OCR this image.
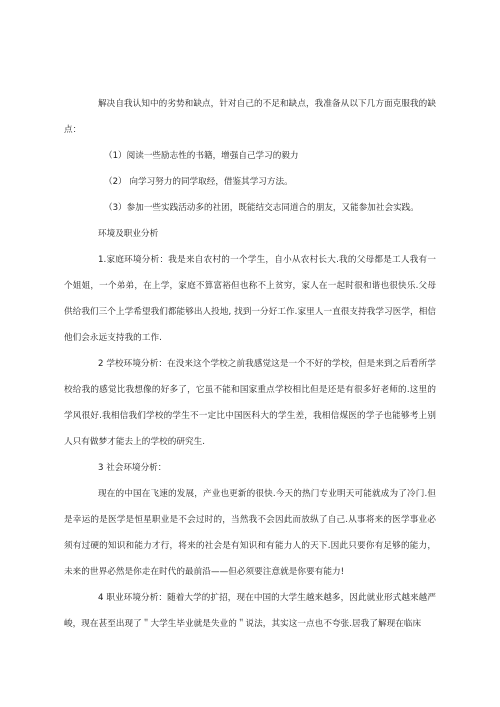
解决自我认知中的劣势和缺点，针对自己的不足和缺点，我准备从以下几方面克服我的缺点：

（1）阅读一些励志性的书籍，增强自己学习的毅力

（2） 向学习努力的同学取经，借鉴其学习方法。

（3）参加一些实践活动多的社团，既能结交志同道合的朋友，又能参加社会实践。

环境及职业分析

1.家庭环境分析：我是来自农村的一个学生，自小从农村长大.我的父母都是工人我有一个姐姐，一个弟弟，在上学，家庭不算富裕但也称不上贫穷，家人在一起时很和谐也很快乐.父母供给我们三个上学希望我们都能够出人投地, 找到一分好工作.家里人一直很支持我学习医学，相信他们会永远支持我的工作.

2 学校环境分析：在没来这个学校之前我感觉这是一个不好的学校，但是来到之后看所学校给我的感觉比我想像的好多了，它虽不能和国家重点学校相比但是还是有很多好老师的.这里的学风很好.我相信我们学校的学生不一定比中国医科大的学生差，我相信煤医的学子也能够考上别人只有做梦才能去上的学校的研究生.

3 社会环境分析：

现在的中国在飞速的发展，产业也更新的很快.今天的热门专业明天可能就成为了冷门.但是幸运的是医学是恒星职业是不会过时的，当然我不会因此而放纵了自己.从事将来的医学事业必须有过硬的知识和能力才行，将来的社会是有知识和有能力人的天下.因此只要你有足够的能力，未来的世界必然是你走在时代的最前沿——但必须要注意就是你要有能力!

4 职业环境分析：随着大学的扩招，现在中国的大学生越来越多，因此就业形式越来越严峻，现在甚至出现了＂大学生毕业就是失业的＂说法，其实这一点也不夸张.居我了解现在临床
